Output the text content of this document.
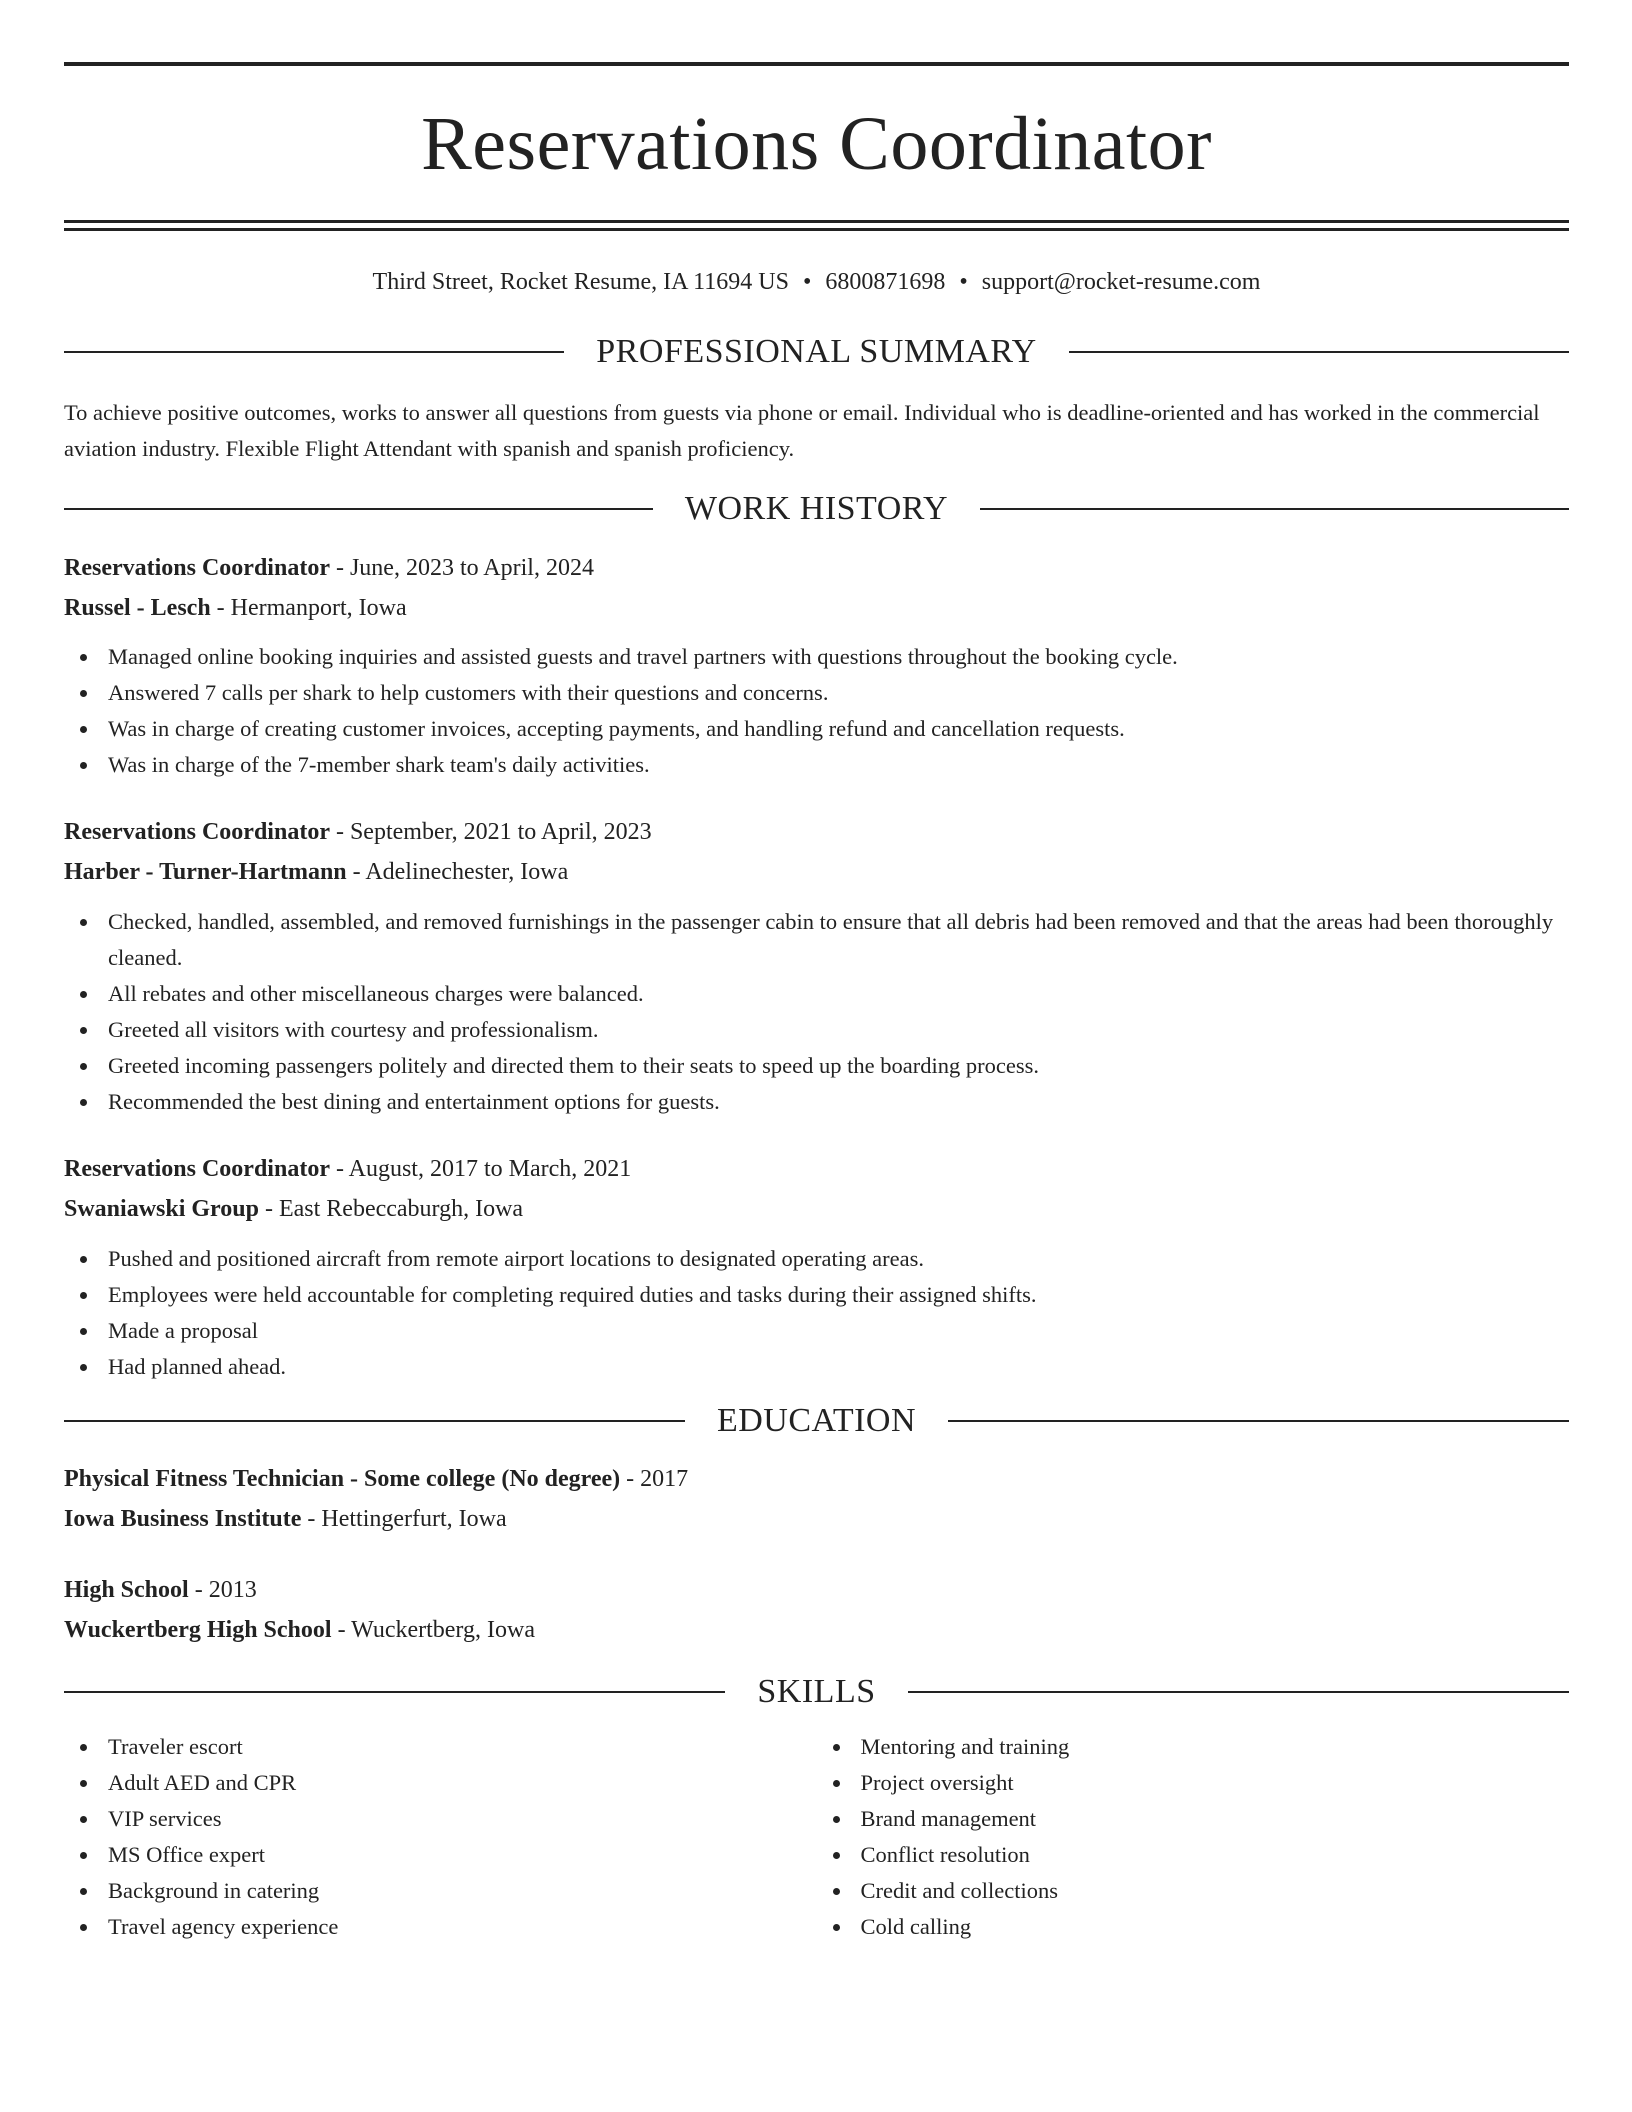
Reservations Coordinator
Third Street, Rocket Resume, IA 11694 US • 6800871698 • support@rocket-resume.com
PROFESSIONAL SUMMARY

To achieve positive outcomes, works to answer all questions from guests via phone or email. Individual who is deadline-oriented and has worked in the commercial aviation industry. Flexible Flight Attendant with spanish and spanish proficiency.

WORK HISTORY
Reservations Coordinator - June, 2023 to April, 2024
Russel - Lesch - Hermanport, Iowa
Managed online booking inquiries and assisted guests and travel partners with questions throughout the booking cycle.
Answered 7 calls per shark to help customers with their questions and concerns.
Was in charge of creating customer invoices, accepting payments, and handling refund and cancellation requests.
Was in charge of the 7-member shark team's daily activities.
Reservations Coordinator - September, 2021 to April, 2023
Harber - Turner-Hartmann - Adelinechester, Iowa
Checked, handled, assembled, and removed furnishings in the passenger cabin to ensure that all debris had been removed and that the areas had been thoroughly cleaned.
All rebates and other miscellaneous charges were balanced.
Greeted all visitors with courtesy and professionalism.
Greeted incoming passengers politely and directed them to their seats to speed up the boarding process.
Recommended the best dining and entertainment options for guests.
Reservations Coordinator - August, 2017 to March, 2021
Swaniawski Group - East Rebeccaburgh, Iowa
Pushed and positioned aircraft from remote airport locations to designated operating areas.
Employees were held accountable for completing required duties and tasks during their assigned shifts.
Made a proposal
Had planned ahead.
EDUCATION
Physical Fitness Technician - Some college (No degree) - 2017
Iowa Business Institute - Hettingerfurt, Iowa
High School - 2013
Wuckertberg High School - Wuckertberg, Iowa
SKILLS
Traveler escort
Adult AED and CPR
VIP services
MS Office expert
Background in catering
Travel agency experience
Mentoring and training
Project oversight
Brand management
Conflict resolution
Credit and collections
Cold calling
